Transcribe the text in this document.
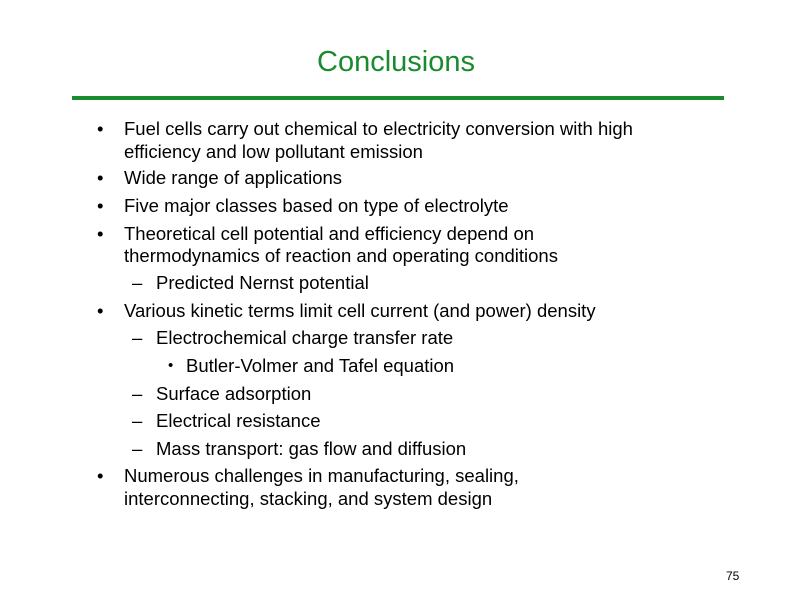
Conclusions
• Fuel cells carry out chemical to electricity conversion with high
efficiency and low pollutant emission
• Wide range of applications
• Five major classes based on type of electrolyte
• Theoretical cell potential and efficiency depend on
thermodynamics of reaction and operating conditions
– Predicted Nernst potential
• Various kinetic terms limit cell current (and power) density
– Electrochemical charge transfer rate
• Butler-Volmer and Tafel equation
– Surface adsorption
– Electrical resistance
– Mass transport: gas flow and diffusion
• Numerous challenges in manufacturing, sealing,
interconnecting, stacking, and system design
75
